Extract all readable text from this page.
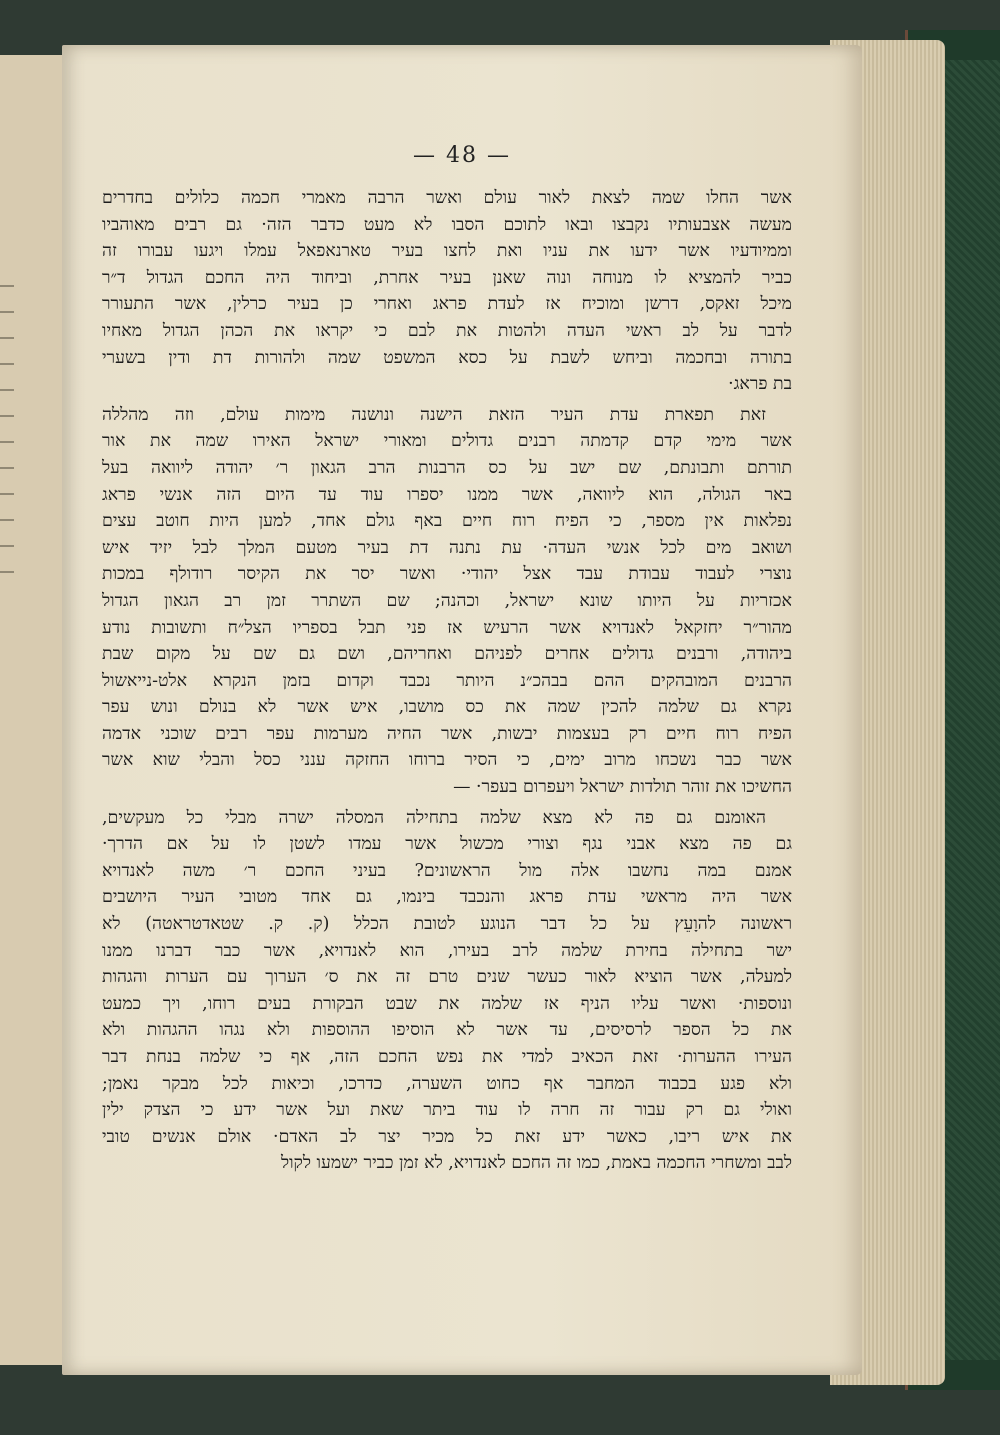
— 48 —
אשר החלו שמה לצאת לאור עולם ואשר הרבה מאמרי חכמה כלולים בחדרים
מעשה אצבעותיו נקבצו ובאו לתוכם הסבו לא מעט כדבר הזה· גם רבים מאוהביו
וממיודעיו אשר ידעו את עניו ואת לחצו בעיר טארנאפאל עמלו ויגעו עבורו זה
כביר להמציא לו מנוחה ונוה שאנן בעיר אחרת, וביחוד היה החכם הגדול ד״ר
מיכל זאקס, דרשן ומוכיח אז לעדת פראג ואחרי כן בעיר כרלין, אשר התעורר
לדבר על לב ראשי העדה ולהטות את לבם כי יקראו את הכהן הגדול מאחיו
בתורה ובחכמה וביחש לשבת על כסא המשפט שמה ולהורות דת ודין בשערי
בת פראג·
זאת תפארת עדת העיר הזאת הישנה ונושנה מימות עולם, וזה מהללה
אשר מימי קדם קדמתה רבנים גדולים ומאורי ישראל האירו שמה את אור
תורתם ותבונתם, שם ישב על כס הרבנות הרב הגאון ר׳ יהודה ליוואה בעל
באר הגולה, הוא ליוואה, אשר ממנו יספרו עוד עד היום הזה אנשי פראג
נפלאות אין מספר, כי הפיח רוח חיים באף גולם אחד, למען היות חוטב עצים
ושואב מים לכל אנשי העדה· עת נתנה דת בעיר מטעם המלך לבל יזיד איש
נוצרי לעבוד עבודת עבד אצל יהודי· ואשר יסר את הקיסר רודולף במכות
אכזריות על היותו שונא ישראל, וכהנה; שם השתרר זמן רב הגאון הגדול
מהור״ר יחזקאל לאנדויא אשר הרעיש אז פני תבל בספריו הצל״ח ותשובות נודע
ביהודה, ורבנים גדולים אחרים לפניהם ואחריהם, ושם גם שם על מקום שבת
הרבנים המובהקים ההם בבהכ״נ היותר נכבד וקדום בזמן הנקרא אלט-נייאשול
נקרא גם שלמה להכין שמה את כס מושבו, איש אשר לא בנולם ונוש עפר
הפיח רוח חיים רק בעצמות יבשות, אשר החיה מערמות עפר רבים שוכני אדמה
אשר כבר נשכחו מרוב ימים, כי הסיר ברוחו החזקה ענני כסל והבלי שוא אשר
החשיכו את זוהר תולדות ישראל ויעפרום בעפר· —
האומנם גם פה לא מצא שלמה בתחילה המסלה ישרה מבלי כל מעקשים,
גם פה מצא אבני נגף וצורי מכשול אשר עמדו לשטן לו על אם הדרך·
אמנם במה נחשבו אלה מול הראשונים? בעיני החכם ר׳ משה לאנדויא
אשר היה מראשי עדת פראג והנכבד בינמו, גם אחד מטובי העיר היושבים
ראשונה להוָעֵץ על כל דבר הנוגע לטובת הכלל (ק. ק. שטאדטראטה) לא
ישר בתחילה בחירת שלמה לרב בעירו, הוא לאנדויא, אשר כבר דברנו ממנו
למעלה, אשר הוציא לאור כעשר שנים טרם זה את ס׳ הערוך עם הערות והגהות
ונוספות· ואשר עליו הניף אז שלמה את שבט הבקורת בעים רוחו, ויך כמעט
את כל הספר לרסיסים, עד אשר לא הוסיפו ההוספות ולא נגהו ההגהות ולא
העירו ההערות· זאת הכאיב למדי את נפש החכם הזה, אף כי שלמה בנחת דבר
ולא פגע בכבוד המחבר אף כחוט השערה, כדרכו, וכיאות לכל מבקר נאמן;
ואולי גם רק עבור זה חרה לו עוד ביתר שאת ועל אשר ידע כי הצדק ילין
את איש ריבו, כאשר ידע זאת כל מכיר יצר לב האדם· אולם אנשים טובי
לבב ומשחרי החכמה באמת, כמו זה החכם לאנדויא, לא זמן כביר ישמעו לקול
